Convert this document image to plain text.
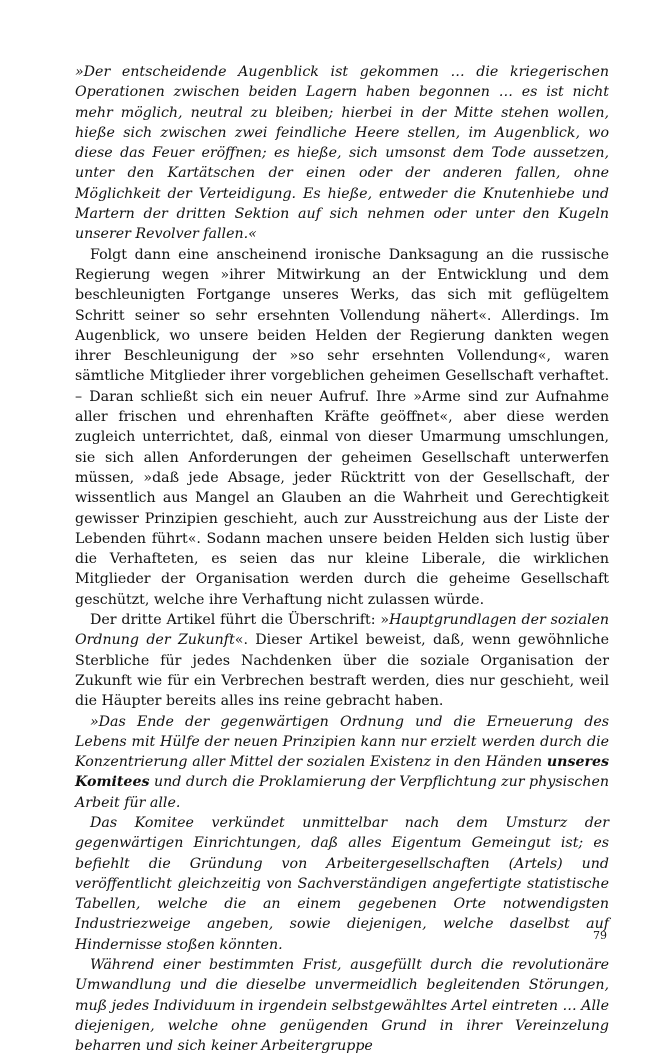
»Der entscheidende Augenblick ist gekommen … die kriegerischen Operationen zwischen beiden Lagern haben begonnen … es ist nicht mehr möglich, neutral zu bleiben; hierbei in der Mitte stehen wollen, hieße sich zwischen zwei feindliche Heere stellen, im Augenblick, wo diese das Feuer eröffnen; es hieße, sich umsonst dem Tode aussetzen, unter den Kartätschen der einen oder der anderen fallen, ohne Möglichkeit der Verteidigung. Es hieße, entweder die Knutenhiebe und Martern der dritten Sektion auf sich nehmen oder unter den Kugeln unserer Revolver fallen.«

Folgt dann eine anscheinend ironische Danksagung an die russische Regierung wegen »ihrer Mitwirkung an der Entwicklung und dem beschleunigten Fortgange unseres Werks, das sich mit geflügeltem Schritt seiner so sehr ersehnten Vollendung nähert«. Allerdings. Im Augenblick, wo unsere beiden Helden der Regierung dankten wegen ihrer Beschleunigung der »so sehr ersehnten Vollendung«, waren sämtliche Mitglieder ihrer vorgeblichen geheimen Gesellschaft verhaftet. – Daran schließt sich ein neuer Aufruf. Ihre »Arme sind zur Aufnahme aller frischen und ehrenhaften Kräfte geöffnet«, aber diese werden zugleich unterrichtet, daß, einmal von dieser Umarmung umschlungen, sie sich allen Anforderungen der geheimen Gesellschaft unterwerfen müssen, »daß jede Absage, jeder Rücktritt von der Gesellschaft, der wissentlich aus Mangel an Glauben an die Wahrheit und Gerechtigkeit gewisser Prinzipien geschieht, auch zur Ausstreichung aus der Liste der Lebenden führt«. Sodann machen unsere beiden Helden sich lustig über die Verhafteten, es seien das nur kleine Liberale, die wirklichen Mitglieder der Organisation werden durch die geheime Gesellschaft geschützt, welche ihre Verhaftung nicht zulassen würde.

Der dritte Artikel führt die Überschrift: »Hauptgrundlagen der sozialen Ordnung der Zukunft«. Dieser Artikel beweist, daß, wenn gewöhnliche Sterbliche für jedes Nachdenken über die soziale Organisation der Zukunft wie für ein Verbrechen bestraft werden, dies nur geschieht, weil die Häupter bereits alles ins reine gebracht haben.

»Das Ende der gegenwärtigen Ordnung und die Erneuerung des Lebens mit Hülfe der neuen Prinzipien kann nur erzielt werden durch die Konzentrierung aller Mittel der sozialen Existenz in den Händen unseres Komitees und durch die Proklamierung der Verpflichtung zur physischen Arbeit für alle.

Das Komitee verkündet unmittelbar nach dem Umsturz der gegenwärtigen Einrichtungen, daß alles Eigentum Gemeingut ist; es befiehlt die Gründung von Arbeitergesellschaften (Artels) und veröffentlicht gleichzeitig von Sachverständigen angefertigte statistische Tabellen, welche die an einem gegebenen Orte notwendigsten Industriezweige angeben, sowie diejenigen, welche daselbst auf Hindernisse stoßen könnten.

Während einer bestimmten Frist, ausgefüllt durch die revolutionäre Umwandlung und die dieselbe unvermeidlich begleitenden Störungen, muß jedes Individuum in irgendein selbstgewähltes Artel eintreten … Alle diejenigen, welche ohne genügenden Grund in ihrer Vereinzelung beharren und sich keiner Arbeitergruppe

79
